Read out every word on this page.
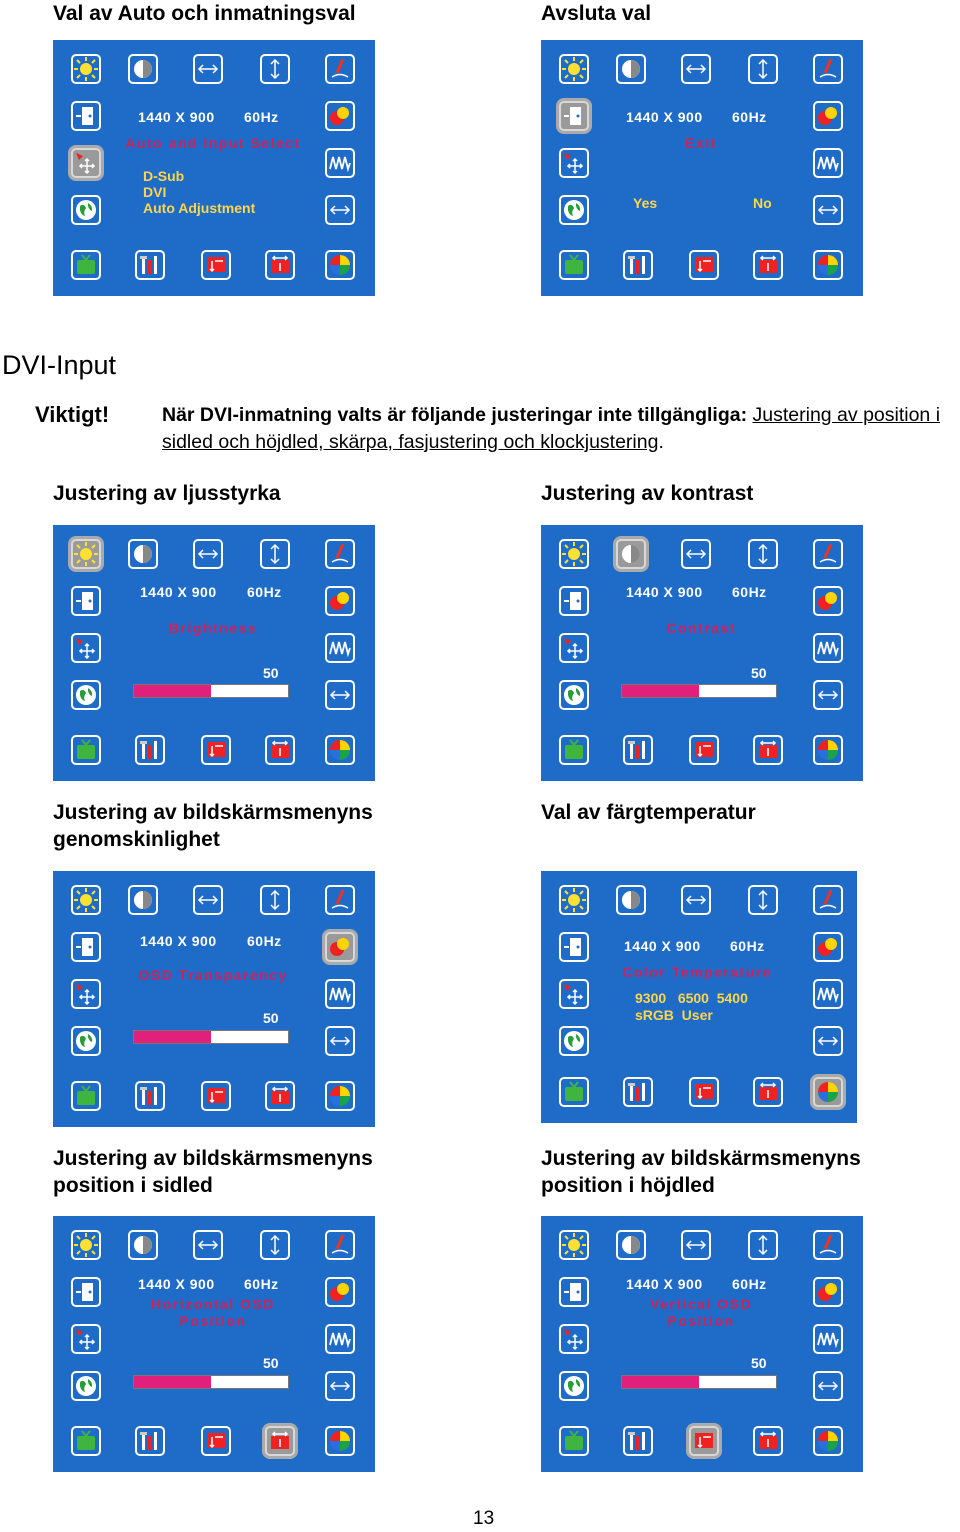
Val av Auto och inmatningsval	Avsluta val
DVI-Input
Viktigt!	När DVI-inmatning valts är följande justeringar inte tillgängliga: Justering av position i sidled och höjdled, skärpa, fasjustering och klockjustering.
Justering av ljusstyrka	Justering av kontrast
Justering av bildskärmsmenyns
genomskinlighet
Val av färgtemperatur
Justering av bildskärmsmenyns
position i sidled
Justering av bildskärmsmenyns
position i höjdled
1440 X 900 60Hz
Auto and Input Select
D-Sub
DVI
Auto Adjustment
1440 X 900 60Hz
Exit
Yes	No
1440 X 900 60Hz
Brightness
50
1440 X 900 60Hz
Contrast
50
1440 X 900 60Hz
OSD Transparency
50
1440 X 900 60Hz
Color Temperature
9300   6500  5400
sRGB  User
1440 X 900 60Hz
Horizontal OSD
Position
50
1440 X 900 60Hz
Vertical OSD
Position
50
13
